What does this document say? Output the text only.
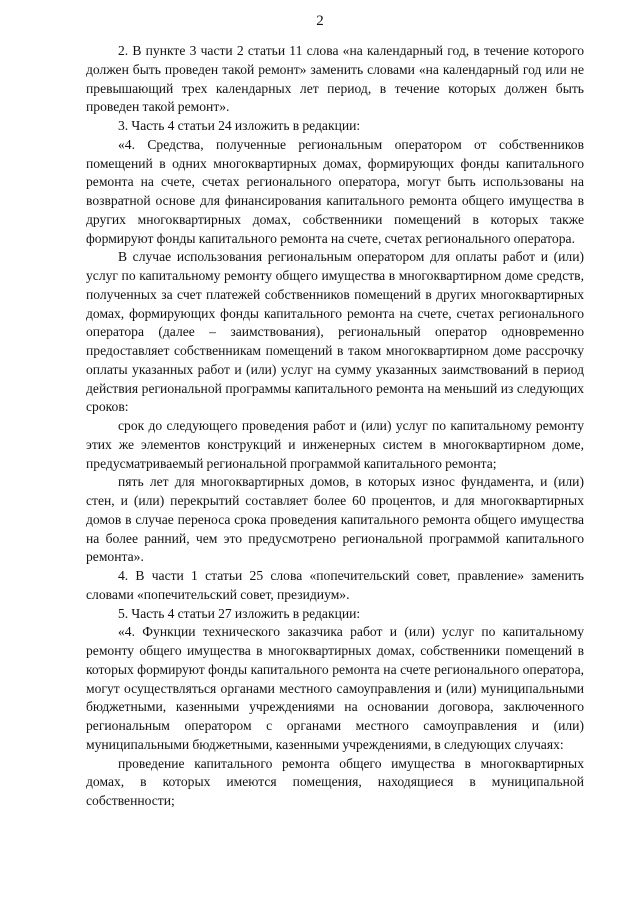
2

2. В пункте 3 части 2 статьи 11 слова «на календарный год, в течение которого должен быть проведен такой ремонт» заменить словами «на календарный год или не превышающий трех календарных лет период, в течение которых должен быть проведен такой ремонт».

3. Часть 4 статьи 24 изложить в редакции:

«4. Средства, полученные региональным оператором от собственников помещений в одних многоквартирных домах, формирующих фонды капитального ремонта на счете, счетах регионального оператора, могут быть использованы на возвратной основе для финансирования капитального ремонта общего имущества в других многоквартирных домах, собственники помещений в которых также формируют фонды капитального ремонта на счете, счетах регионального оператора.

В случае использования региональным оператором для оплаты работ и (или) услуг по капитальному ремонту общего имущества в многоквартирном доме средств, полученных за счет платежей собственников помещений в других многоквартирных домах, формирующих фонды капитального ремонта на счете, счетах регионального оператора (далее – заимствования), региональный оператор одновременно предоставляет собственникам помещений в таком многоквартирном доме рассрочку оплаты указанных работ и (или) услуг на сумму указанных заимствований в период действия региональной программы капитального ремонта на меньший из следующих сроков:

срок до следующего проведения работ и (или) услуг по капитальному ремонту этих же элементов конструкций и инженерных систем в многоквартирном доме, предусматриваемый региональной программой капитального ремонта;

пять лет для многоквартирных домов, в которых износ фундамента, и (или) стен, и (или) перекрытий составляет более 60 процентов, и для многоквартирных домов в случае переноса срока проведения капитального ремонта общего имущества на более ранний, чем это предусмотрено региональной программой капитального ремонта».

4. В части 1 статьи 25 слова «попечительский совет, правление» заменить словами «попечительский совет, президиум».

5. Часть 4 статьи 27 изложить в редакции:

«4. Функции технического заказчика работ и (или) услуг по капитальному ремонту общего имущества в многоквартирных домах, собственники помещений в которых формируют фонды капитального ремонта на счете регионального оператора, могут осуществляться органами местного самоуправления и (или) муниципальными бюджетными, казенными учреждениями на основании договора, заключенного региональным оператором с органами местного самоуправления и (или) муниципальными бюджетными, казенными учреждениями, в следующих случаях:

проведение капитального ремонта общего имущества в многоквартирных домах, в которых имеются помещения, находящиеся в муниципальной собственности;
